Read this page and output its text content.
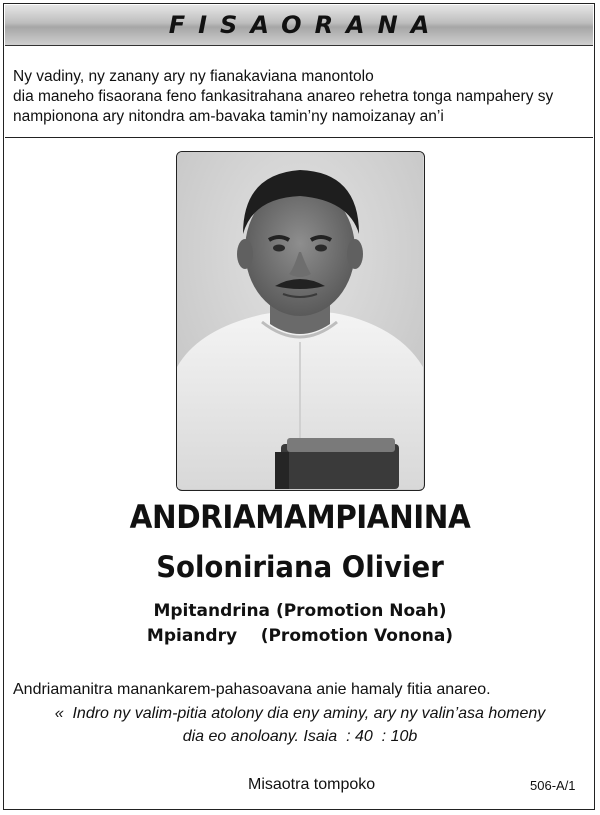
FISAORANA
Ny vadiny, ny zanany ary ny fianakaviana manontolo
dia maneho fisaorana feno fankasitrahana anareo rehetra tonga nampahery sy
nampionona ary nitondra am-bavaka tamin’ny namoizanay an’i
ANDRIAMAMPIANINA
Soloniriana Olivier
Mpitandrina (Promotion Noah)
Mpiandry    (Promotion Vonona)
Andriamanitra manankarem-pahasoavana anie hamaly fitia anareo.
«  Indro ny valim-pitia atolony dia eny aminy, ary ny valin’asa homeny
dia eo anoloany. Isaia  : 40  : 10b
Misaotra tompoko	506-A/1
